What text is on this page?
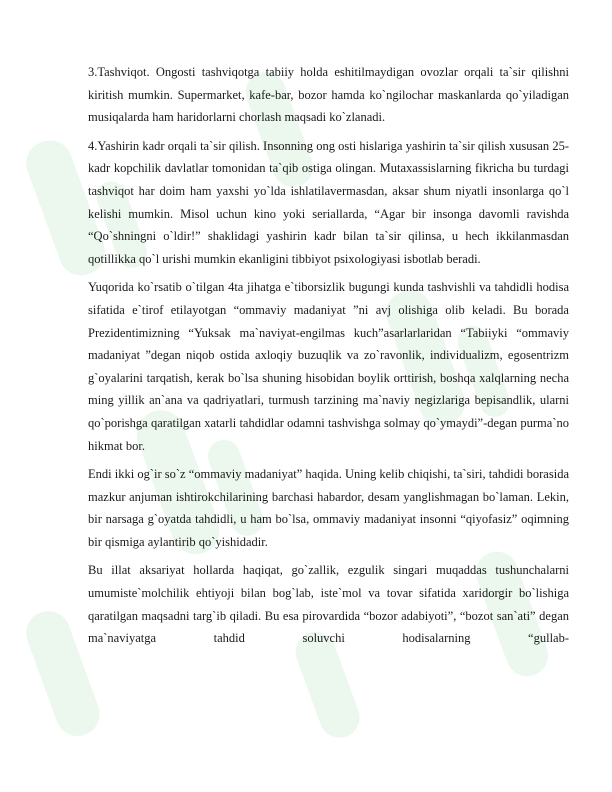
3.Tashviqot. Ongosti tashviqotga tabiiy holda eshitilmaydigan ovozlar orqali ta`sir qilishni kiritish mumkin. Supermarket, kafe-bar, bozor hamda ko`ngilochar maskanlarda qo`yiladigan musiqalarda ham haridorlarni chorlash maqsadi ko`zlanadi.

4.Yashirin kadr orqali ta`sir qilish. Insonning ong osti hislariga yashirin ta`sir qilish xususan 25-kadr kopchilik davlatlar tomonidan ta`qib ostiga olingan. Mutaxassislarning fikricha bu turdagi tashviqot har doim ham yaxshi yo`lda ishlatilavermasdan, aksar shum niyatli insonlarga qo`l kelishi mumkin. Misol uchun kino yoki seriallarda, “Agar bir insonga davomli ravishda “Qo`shningni o`ldir!” shaklidagi yashirin kadr bilan ta`sir qilinsa, u hech ikkilanmasdan qotillikka qo`l urishi mumkin ekanligini tibbiyot psixologiyasi isbotlab beradi.

Yuqorida ko`rsatib o`tilgan 4ta jihatga e`tiborsizlik bugungi kunda tashvishli va tahdidli hodisa sifatida e`tirof etilayotgan “ommaviy madaniyat ”ni avj olishiga olib keladi. Bu borada Prezidentimizning “Yuksak ma`naviyat-engilmas kuch”asarlarlaridan “Tabiiyki “ommaviy madaniyat ”degan niqob ostida axloqiy buzuqlik va zo`ravonlik, individualizm, egosentrizm g`oyalarini tarqatish, kerak bo`lsa shuning hisobidan boylik orttirish, boshqa xalqlarning necha ming yillik an`ana va qadriyatlari, turmush tarzining ma`naviy negizlariga bepisandlik, ularni qo`porishga qaratilgan xatarli tahdidlar odamni tashvishga solmay qo`ymaydi”-degan purma`no hikmat bor.

Endi ikki og`ir so`z “ommaviy madaniyat” haqida. Uning kelib chiqishi, ta`siri, tahdidi borasida mazkur anjuman ishtirokchilarining barchasi habardor, desam yanglishmagan bo`laman. Lekin, bir narsaga g`oyatda tahdidli, u ham bo`lsa, ommaviy madaniyat insonni “qiyofasiz” oqimning bir qismiga aylantirib qo`yishidadir.

Bu illat aksariyat hollarda haqiqat, go`zallik, ezgulik singari muqaddas tushunchalarni umumiste`molchilik ehtiyoji bilan bog`lab, iste`mol va tovar sifatida xaridorgir bo`lishiga qaratilgan maqsadni targ`ib qiladi. Bu esa pirovardida “bozor adabiyoti”, “bozot san`ati” degan ma`naviyatga tahdid soluvchi hodisalarning “gullab-
